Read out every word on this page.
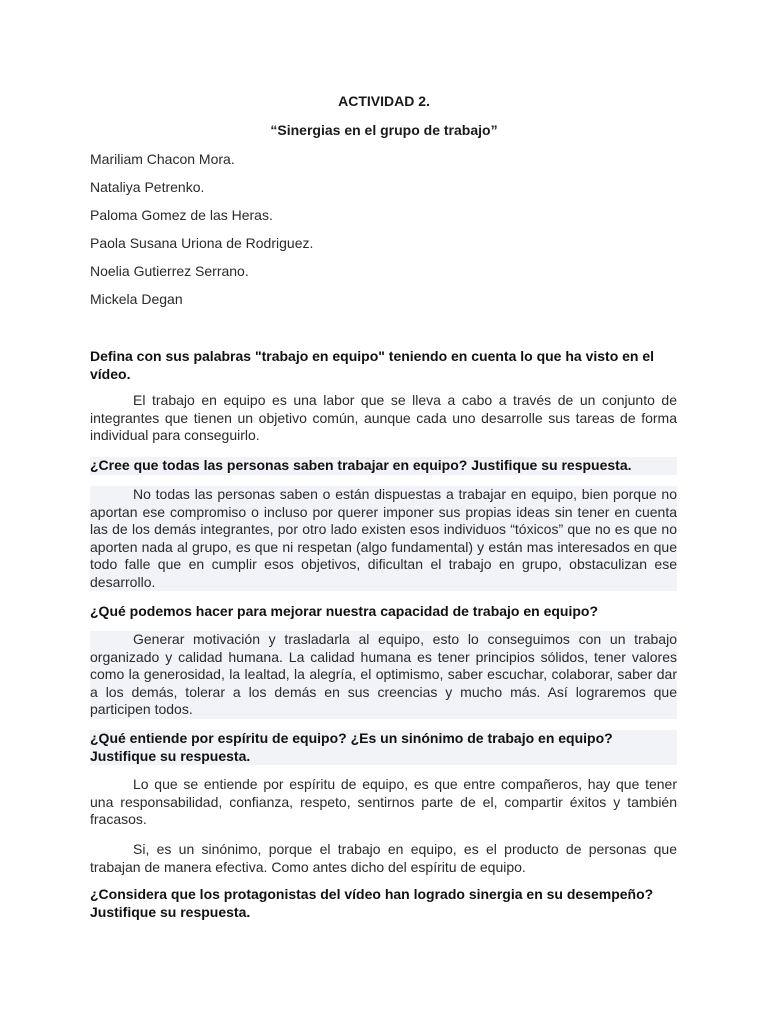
ACTIVIDAD 2.
“Sinergias en el grupo de trabajo”
Mariliam Chacon Mora.
Nataliya Petrenko.
Paloma Gomez de las Heras.
Paola Susana Uriona de Rodriguez.
Noelia Gutierrez Serrano.
Mickela Degan
Defina con sus palabras "trabajo en equipo" teniendo en cuenta lo que ha visto en el vídeo.
El trabajo en equipo es una labor que se lleva a cabo a través de un conjunto de integrantes que tienen un objetivo común, aunque cada uno desarrolle sus tareas de forma individual para conseguirlo.
¿Cree que todas las personas saben trabajar en equipo? Justifique su respuesta.
No todas las personas saben o están dispuestas a trabajar en equipo, bien porque no aportan ese compromiso o incluso por querer imponer sus propias ideas sin tener en cuenta las de los demás integrantes, por otro lado existen esos individuos “tóxicos” que no es que no aporten nada al grupo, es que ni respetan (algo fundamental) y están mas interesados en que todo falle que en cumplir esos objetivos, dificultan el trabajo en grupo, obstaculizan ese desarrollo.
¿Qué podemos hacer para mejorar nuestra capacidad de trabajo en equipo?
Generar motivación y trasladarla al equipo, esto lo conseguimos con un trabajo organizado y calidad humana. La calidad humana es tener principios sólidos, tener valores como la generosidad, la lealtad, la alegría, el optimismo, saber escuchar, colaborar, saber dar a los demás, tolerar a los demás en sus creencias y mucho más. Así lograremos que participen todos.
¿Qué entiende por espíritu de equipo? ¿Es un sinónimo de trabajo en equipo? Justifique su respuesta.
Lo que se entiende por espíritu de equipo, es que entre compañeros, hay que tener una responsabilidad, confianza, respeto, sentirnos parte de el, compartir éxitos y también fracasos.
Si, es un sinónimo, porque el trabajo en equipo, es el producto de personas que trabajan de manera efectiva. Como antes dicho del espíritu de equipo.
¿Considera que los protagonistas del vídeo han logrado sinergia en su desempeño? Justifique su respuesta.
